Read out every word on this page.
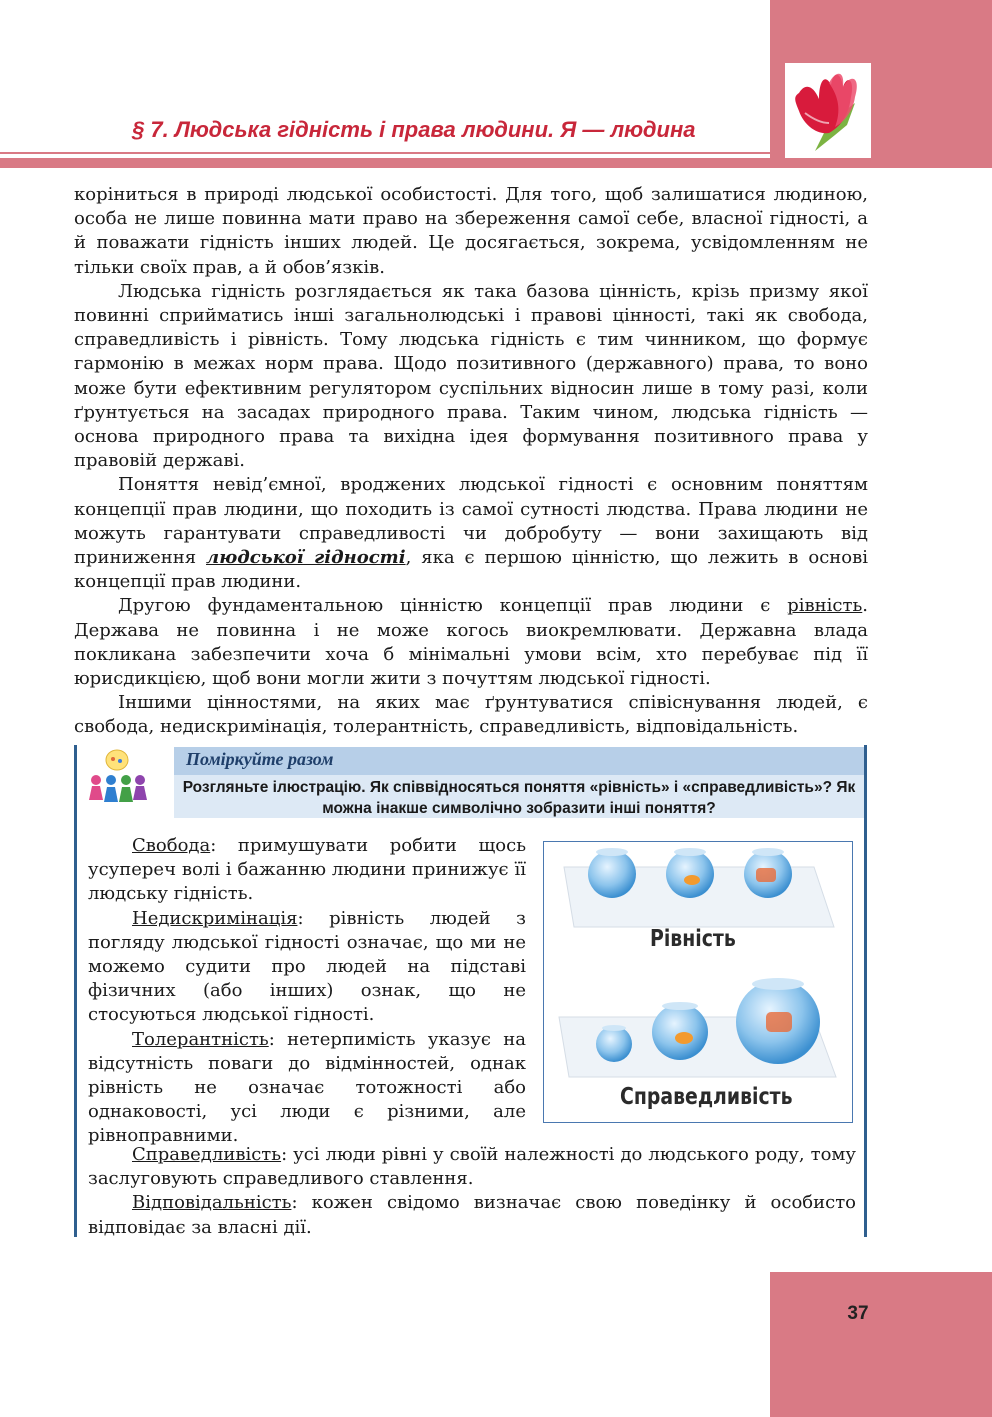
§ 7. Людська гідність і права людини. Я — людина

коріниться в природі людської особистості. Для того, щоб залишатися людиною, особа не лише повинна мати право на збереження самої себе, власної гідності, а й поважати гідність інших людей. Це досягається, зокрема, усвідомленням не тільки своїх прав, а й обов’язків.

Людська гідність розглядається як така базова цінність, крізь призму якої повинні сприйматись інші загальнолюдські і правові цінності, такі як свобода, справедливість і рівність. Тому людська гідність є тим чинником, що формує гармонію в межах норм права. Щодо позитивного (державного) права, то воно може бути ефективним регулятором суспільних відносин лише в тому разі, коли ґрунтується на засадах природного права. Таким чином, людська гідність — основа природного права та вихідна ідея формування позитивного права у правовій державі.

Поняття невід’ємної, вроджених людської гідності є основним поняттям концепції прав людини, що походить із самої сутності людства. Права людини не можуть гарантувати справедливості чи добробуту — вони захищають від приниження людської гідності, яка є першою цінністю, що лежить в основі концепції прав людини.

Другою фундаментальною цінністю концепції прав людини є рівність. Держава не повинна і не може когось виокремлювати. Державна влада покликана забезпечити хоча б мінімальні умови всім, хто перебуває під її юрисдикцією, щоб вони могли жити з почуттям людської гідності.

Іншими цінностями, на яких має ґрунтуватися співіснування людей, є свобода, недискримінація, толерантність, справедливість, відповідальність.

Поміркуйте разом
Розгляньте ілюстрацію. Як співвідносяться поняття «рівність» і «справедливість»? Як можна інакше символічно зобразити інші поняття?

Свобода: примушувати робити щось усупереч волі і бажанню людини принижує її людську гідність.

Недискримінація: рівність людей з погляду людської гідності означає, що ми не можемо судити про людей на підставі фізичних (або інших) ознак, що не стосуються людської гідності.

Толерантність: нетерпимість указує на відсутність поваги до відмінностей, однак рівність не означає тотожності або однаковості, усі люди є різними, але рівноправними.

Справедливість: усі люди рівні у своїй належності до людського роду, тому заслуговують справедливого ставлення.

Відповідальність: кожен свідомо визначає свою поведінку й особисто відповідає за власні дії.

Рівність
Справедливість
37
